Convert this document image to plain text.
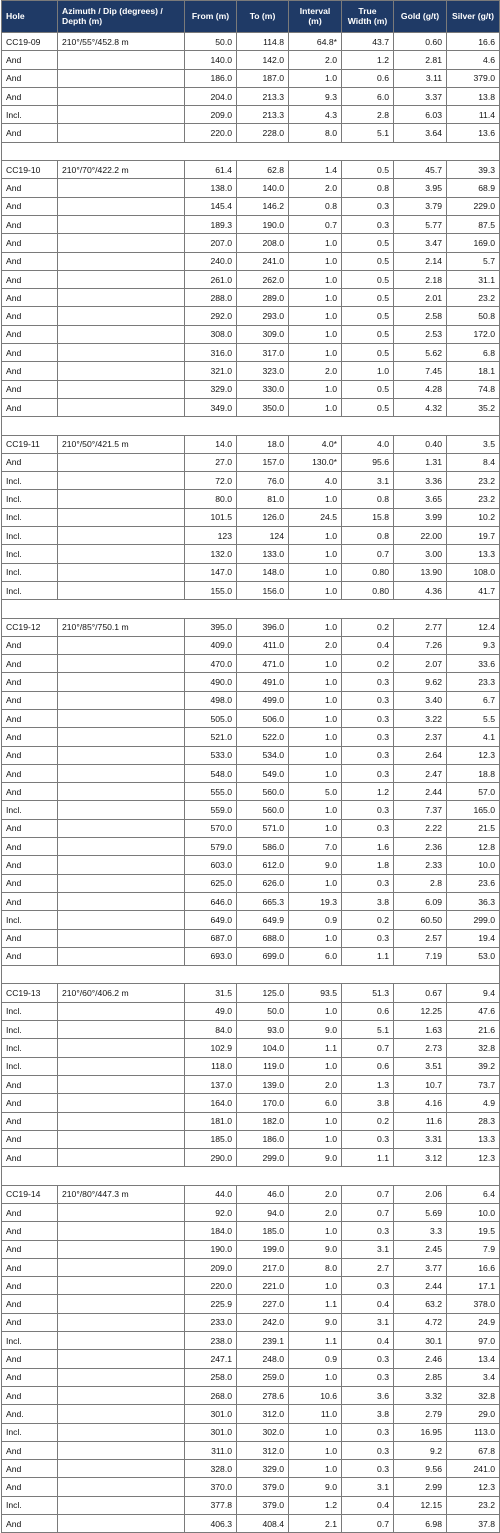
Hole	Azimuth / Dip (degrees) / Depth (m)	From (m)	To (m)	Interval (m)	True Width (m)	Gold (g/t)	Silver (g/t)
CC19-09	210°/55°/452.8 m	50.0	114.8	64.8*	43.7	0.60	16.6
And		140.0	142.0	2.0	1.2	2.81	4.6
And		186.0	187.0	1.0	0.6	3.11	379.0
And		204.0	213.3	9.3	6.0	3.37	13.8
Incl.		209.0	213.3	4.3	2.8	6.03	11.4
And		220.0	228.0	8.0	5.1	3.64	13.6

CC19-10	210°/70°/422.2 m	61.4	62.8	1.4	0.5	45.7	39.3
And		138.0	140.0	2.0	0.8	3.95	68.9
And		145.4	146.2	0.8	0.3	3.79	229.0
And		189.3	190.0	0.7	0.3	5.77	87.5
And		207.0	208.0	1.0	0.5	3.47	169.0
And		240.0	241.0	1.0	0.5	2.14	5.7
And		261.0	262.0	1.0	0.5	2.18	31.1
And		288.0	289.0	1.0	0.5	2.01	23.2
And		292.0	293.0	1.0	0.5	2.58	50.8
And		308.0	309.0	1.0	0.5	2.53	172.0
And		316.0	317.0	1.0	0.5	5.62	6.8
And		321.0	323.0	2.0	1.0	7.45	18.1
And		329.0	330.0	1.0	0.5	4.28	74.8
And		349.0	350.0	1.0	0.5	4.32	35.2

CC19-11	210°/50°/421.5 m	14.0	18.0	4.0*	4.0	0.40	3.5
And		27.0	157.0	130.0*	95.6	1.31	8.4
Incl.		72.0	76.0	4.0	3.1	3.36	23.2
Incl.		80.0	81.0	1.0	0.8	3.65	23.2
Incl.		101.5	126.0	24.5	15.8	3.99	10.2
Incl.		123	124	1.0	0.8	22.00	19.7
Incl.		132.0	133.0	1.0	0.7	3.00	13.3
Incl.		147.0	148.0	1.0	0.80	13.90	108.0
Incl.		155.0	156.0	1.0	0.80	4.36	41.7

CC19-12	210°/85°/750.1 m	395.0	396.0	1.0	0.2	2.77	12.4
And		409.0	411.0	2.0	0.4	7.26	9.3
And		470.0	471.0	1.0	0.2	2.07	33.6
And		490.0	491.0	1.0	0.3	9.62	23.3
And		498.0	499.0	1.0	0.3	3.40	6.7
And		505.0	506.0	1.0	0.3	3.22	5.5
And		521.0	522.0	1.0	0.3	2.37	4.1
And		533.0	534.0	1.0	0.3	2.64	12.3
And		548.0	549.0	1.0	0.3	2.47	18.8
And		555.0	560.0	5.0	1.2	2.44	57.0
Incl.		559.0	560.0	1.0	0.3	7.37	165.0
And		570.0	571.0	1.0	0.3	2.22	21.5
And		579.0	586.0	7.0	1.6	2.36	12.8
And		603.0	612.0	9.0	1.8	2.33	10.0
And		625.0	626.0	1.0	0.3	2.8	23.6
And		646.0	665.3	19.3	3.8	6.09	36.3
Incl.		649.0	649.9	0.9	0.2	60.50	299.0
And		687.0	688.0	1.0	0.3	2.57	19.4
And		693.0	699.0	6.0	1.1	7.19	53.0

CC19-13	210°/60°/406.2 m	31.5	125.0	93.5	51.3	0.67	9.4
Incl.		49.0	50.0	1.0	0.6	12.25	47.6
Incl.		84.0	93.0	9.0	5.1	1.63	21.6
Incl.		102.9	104.0	1.1	0.7	2.73	32.8
Incl.		118.0	119.0	1.0	0.6	3.51	39.2
And		137.0	139.0	2.0	1.3	10.7	73.7
And		164.0	170.0	6.0	3.8	4.16	4.9
And		181.0	182.0	1.0	0.2	11.6	28.3
And		185.0	186.0	1.0	0.3	3.31	13.3
And		290.0	299.0	9.0	1.1	3.12	12.3

CC19-14	210°/80°/447.3 m	44.0	46.0	2.0	0.7	2.06	6.4
And		92.0	94.0	2.0	0.7	5.69	10.0
And		184.0	185.0	1.0	0.3	3.3	19.5
And		190.0	199.0	9.0	3.1	2.45	7.9
And		209.0	217.0	8.0	2.7	3.77	16.6
And		220.0	221.0	1.0	0.3	2.44	17.1
And		225.9	227.0	1.1	0.4	63.2	378.0
And		233.0	242.0	9.0	3.1	4.72	24.9
Incl.		238.0	239.1	1.1	0.4	30.1	97.0
And		247.1	248.0	0.9	0.3	2.46	13.4
And		258.0	259.0	1.0	0.3	2.85	3.4
And		268.0	278.6	10.6	3.6	3.32	32.8
And.		301.0	312.0	11.0	3.8	2.79	29.0
Incl.		301.0	302.0	1.0	0.3	16.95	113.0
And		311.0	312.0	1.0	0.3	9.2	67.8
And		328.0	329.0	1.0	0.3	9.56	241.0
And		370.0	379.0	9.0	3.1	2.99	12.3
Incl.		377.8	379.0	1.2	0.4	12.15	23.2
And		406.3	408.4	2.1	0.7	6.98	37.8
